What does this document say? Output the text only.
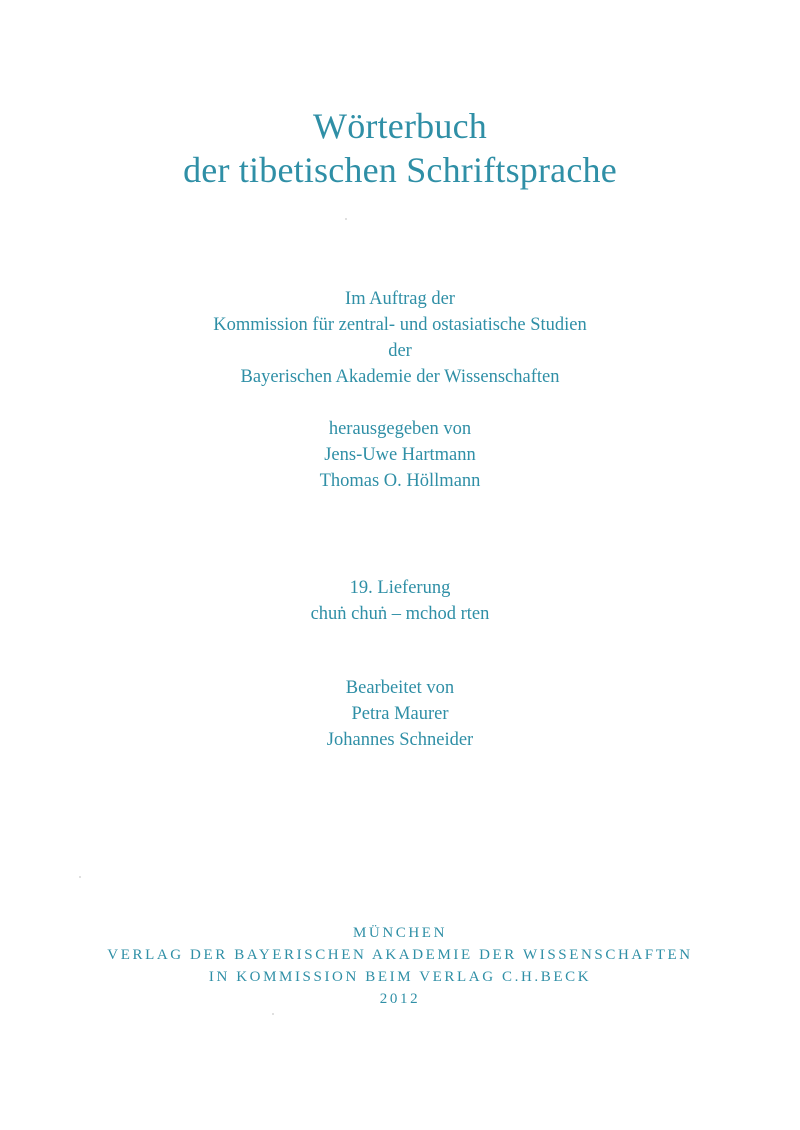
Wörterbuch
der tibetischen Schriftsprache
Im Auftrag der
Kommission für zentral- und ostasiatische Studien
der
Bayerischen Akademie der Wissenschaften
herausgegeben von
Jens-Uwe Hartmann
Thomas O. Höllmann
19. Lieferung
chuṅ chuṅ – mchod rten
Bearbeitet von
Petra Maurer
Johannes Schneider
MÜNCHEN
VERLAG DER BAYERISCHEN AKADEMIE DER WISSENSCHAFTEN
IN KOMMISSION BEIM VERLAG C.H.BECK
2012
